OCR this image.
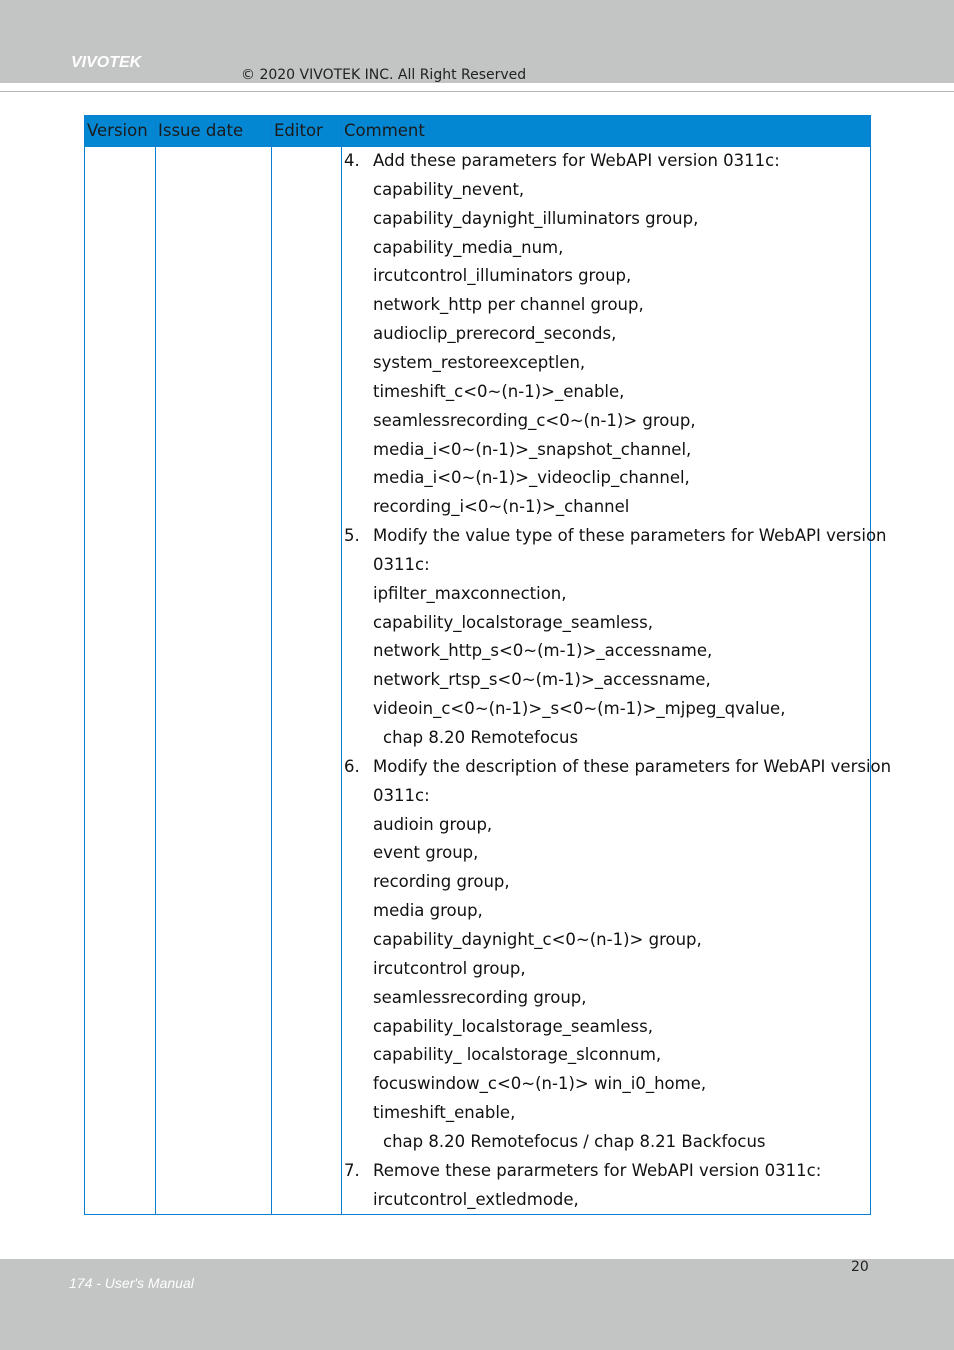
VIVOTEK
© 2020 VIVOTEK INC. All Right Reserved
Version Issue date Editor Comment
4. Add these parameters for WebAPI version 0311c:
capability_nevent,
capability_daynight_illuminators group,
capability_media_num,
ircutcontrol_illuminators group,
network_http per channel group,
audioclip_prerecord_seconds,
system_restoreexceptlen,
timeshift_c<0~(n-1)>_enable,
seamlessrecording_c<0~(n-1)> group,
media_i<0~(n-1)>_snapshot_channel,
media_i<0~(n-1)>_videoclip_channel,
recording_i<0~(n-1)>_channel
5. Modify the value type of these parameters for WebAPI version
0311c:
ipfilter_maxconnection,
capability_localstorage_seamless,
network_http_s<0~(m-1)>_accessname,
network_rtsp_s<0~(m-1)>_accessname,
videoin_c<0~(n-1)>_s<0~(m-1)>_mjpeg_qvalue,
chap 8.20 Remotefocus
6. Modify the description of these parameters for WebAPI version
0311c:
audioin group,
event group,
recording group,
media group,
capability_daynight_c<0~(n-1)> group,
ircutcontrol group,
seamlessrecording group,
capability_localstorage_seamless,
capability_ localstorage_slconnum,
focuswindow_c<0~(n-1)> win_i0_home,
timeshift_enable,
chap 8.20 Remotefocus / chap 8.21 Backfocus
7. Remove these pararmeters for WebAPI version 0311c:
ircutcontrol_extledmode,
20
174 - User's Manual
